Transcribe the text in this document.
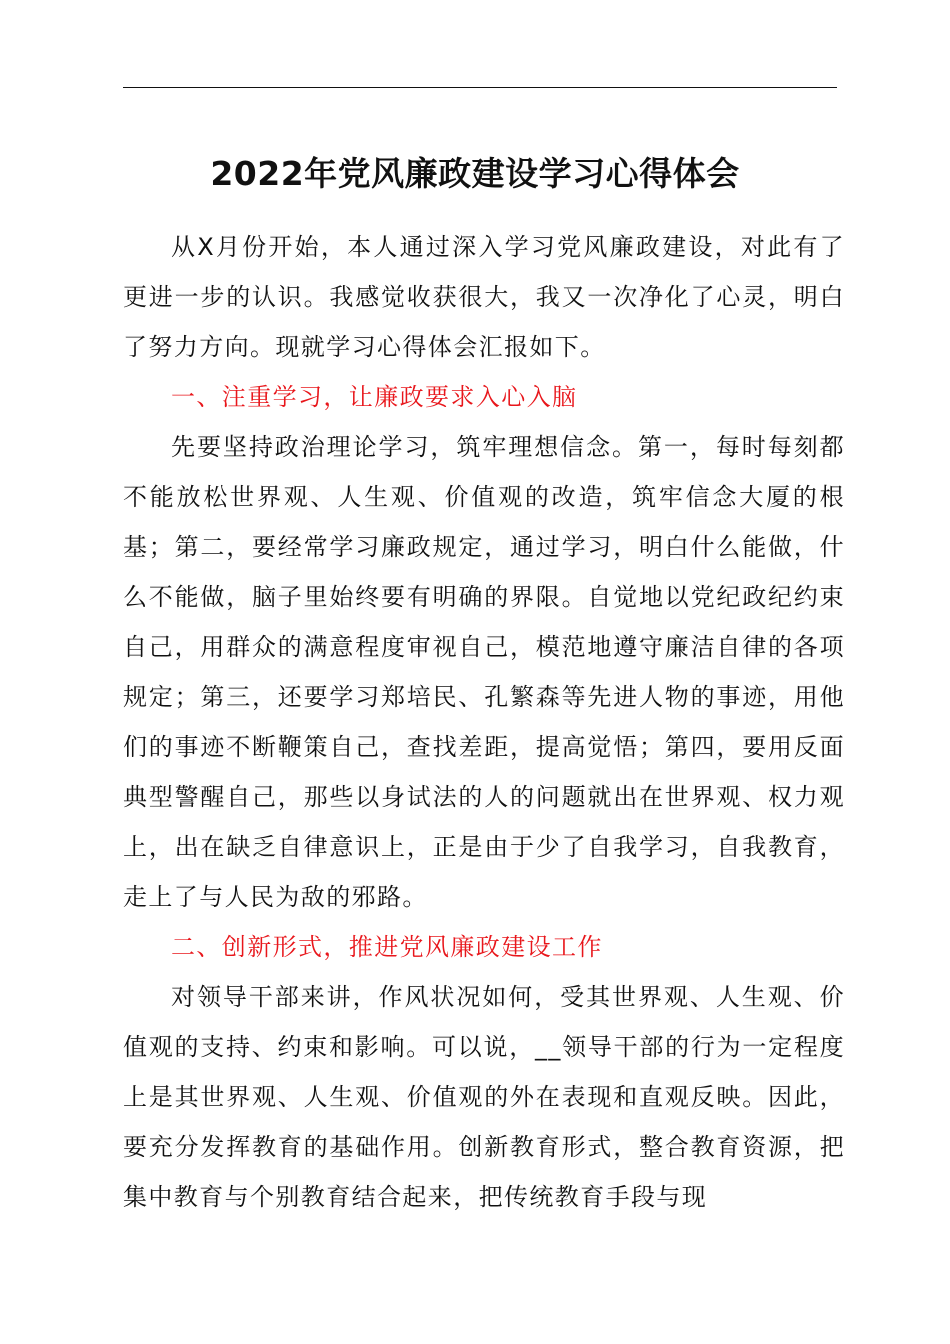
2022年党风廉政建设学习心得体会

从X月份开始，本人通过深入学习党风廉政建设，对此有了更进一步的认识。我感觉收获很大，我又一次净化了心灵，明白了努力方向。现就学习心得体会汇报如下。

一、注重学习，让廉政要求入心入脑

先要坚持政治理论学习，筑牢理想信念。第一，每时每刻都不能放松世界观、人生观、价值观的改造，筑牢信念大厦的根基；第二，要经常学习廉政规定，通过学习，明白什么能做，什么不能做，脑子里始终要有明确的界限。自觉地以党纪政纪约束自己，用群众的满意程度审视自己，模范地遵守廉洁自律的各项规定；第三，还要学习郑培民、孔繁森等先进人物的事迹，用他们的事迹不断鞭策自己，查找差距，提高觉悟；第四，要用反面典型警醒自己，那些以身试法的人的问题就出在世界观、权力观上，出在缺乏自律意识上，正是由于少了自我学习，自我教育，走上了与人民为敌的邪路。

二、创新形式，推进党风廉政建设工作

对领导干部来讲，作风状况如何，受其世界观、人生观、价值观的支持、约束和影响。可以说，__领导干部的行为一定程度上是其世界观、人生观、价值观的外在表现和直观反映。因此，要充分发挥教育的基础作用。创新教育形式，整合教育资源，把集中教育与个别教育结合起来，把传统教育手段与现
